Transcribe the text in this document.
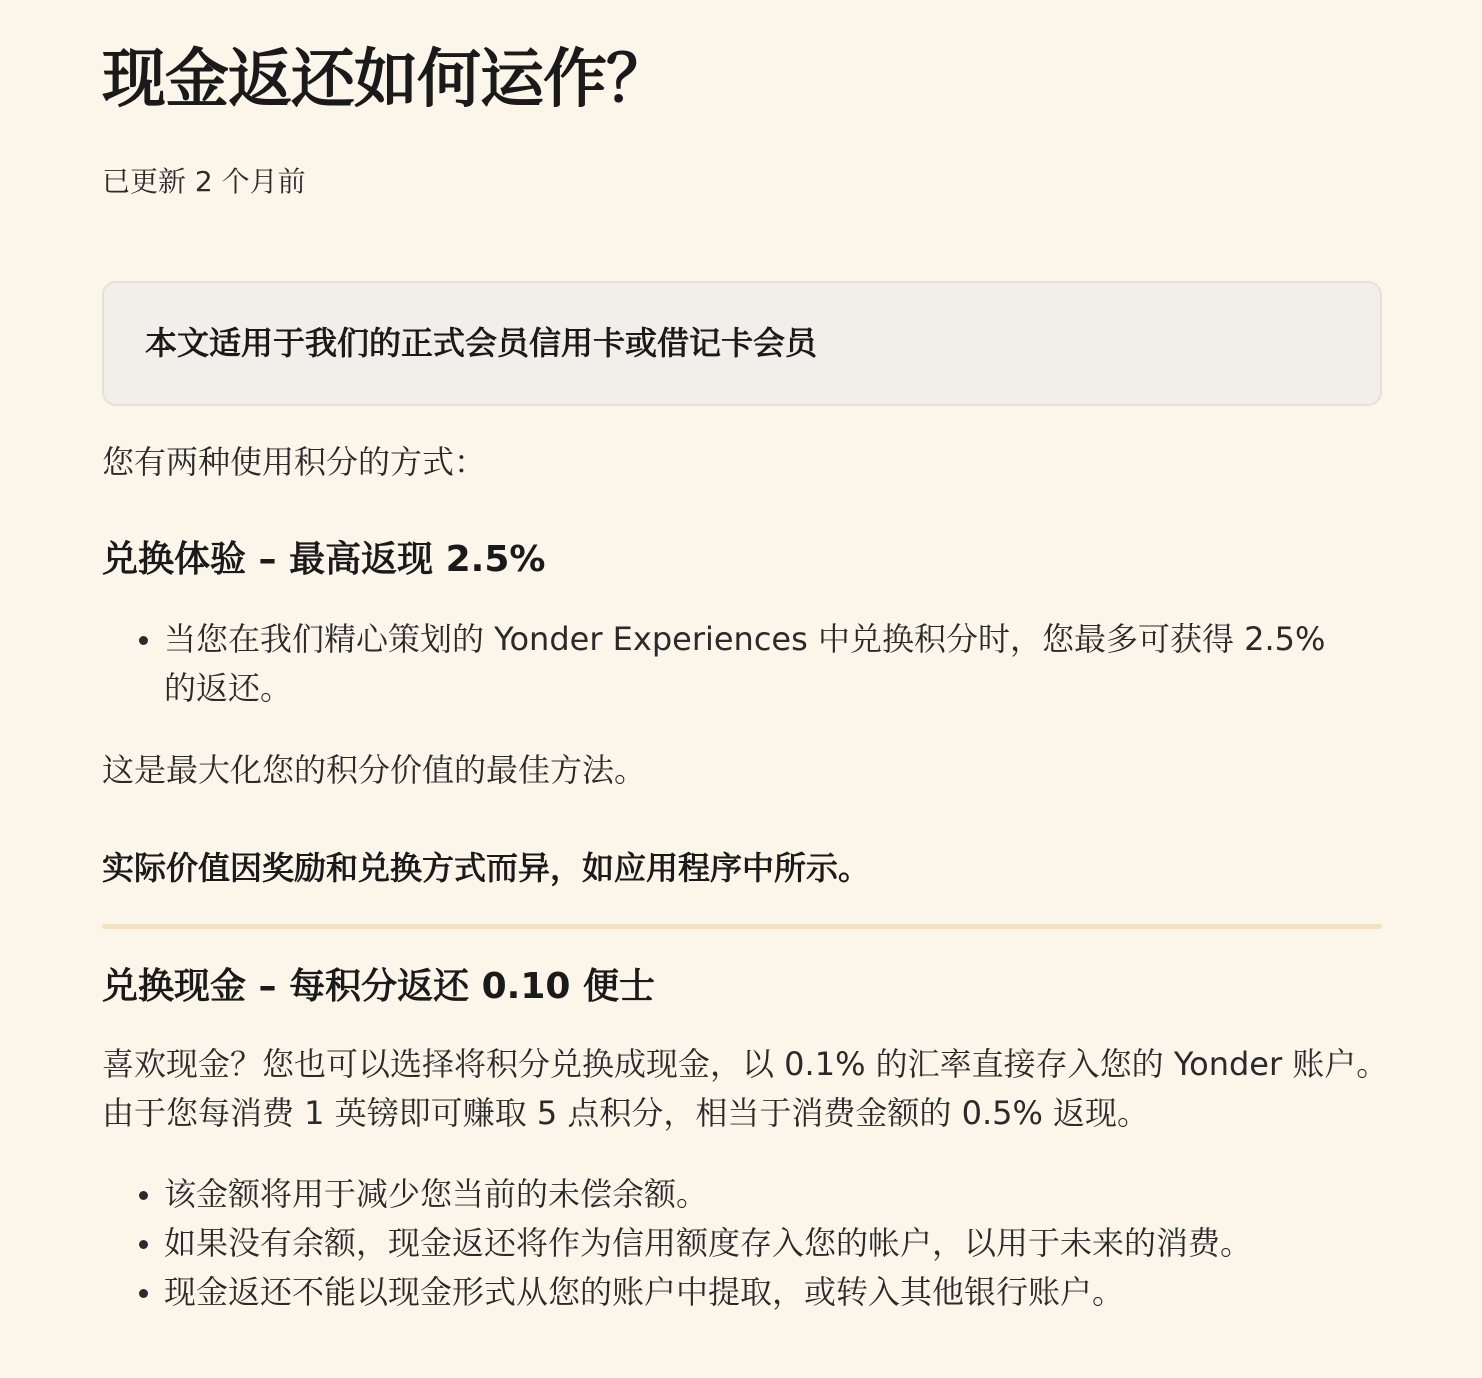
现金返还如何运作？
已更新 2 个月前
本文适用于我们的正式会员信用卡或借记卡会员

您有两种使用积分的方式：

兑换体验 – 最高返现 2.5%
当您在我们精心策划的 Yonder Experiences 中兑换积分时，您最多可获得 2.5% 的返还。

这是最大化您的积分价值的最佳方法。

实际价值因奖励和兑换方式而异，如应用程序中所示。

兑换现金 – 每积分返还 0.10 便士

喜欢现金？您也可以选择将积分兑换成现金，以 0.1% 的汇率直接存入您的 Yonder 账户。

由于您每消费 1 英镑即可赚取 5 点积分，相当于消费金额的 0.5% 返现。

该金额将用于减少您当前的未偿余额。
如果没有余额，现金返还将作为信用额度存入您的帐户，以用于未来的消费。
现金返还不能以现金形式从您的账户中提取，或转入其他银行账户。
